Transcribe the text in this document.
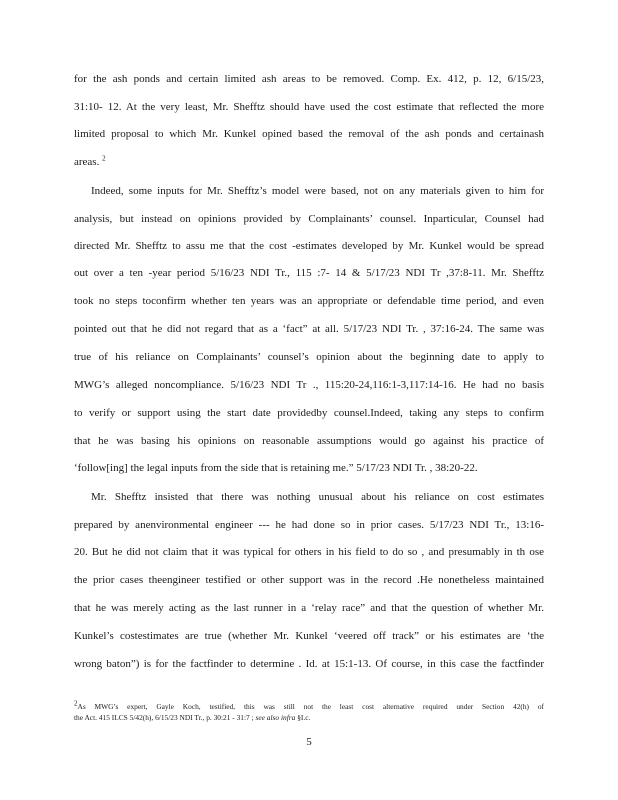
for the ash ponds and certain limited ash areas to be removed. Comp. Ex. 412, p. 12, 6/15/23,
31:10- 12. At the very least, Mr. Shefftz should have used the cost estimate that reflected the more
limited proposal to which Mr. Kunkel opined based the removal of the ash ponds and certainash
areas. $^2$
Indeed, some inputs for Mr. Shefftz’s model were based, not on any materials given to him for
analysis, but instead on opinions provided by Complainants’ counsel. Inparticular, Counsel had
directed Mr. Shefftz to assu me that the cost -estimates developed by Mr. Kunkel would be spread
out over a ten -year period 5/16/23 NDI Tr., 115 :7- 14 & 5/17/23 NDI Tr ,37:8-11. Mr. Shefftz
took no steps toconfirm whether ten years was an appropriate or defendable time period, and even
pointed out that he did not regard that as a ‘fact” at all. 5/17/23 NDI Tr. , 37:16-24. The same was
true of his reliance on Complainants’ counsel’s opinion about the beginning date to apply to
MWG’s alleged noncompliance. 5/16/23 NDI Tr ., 115:20-24,116:1-3,117:14-16. He had no basis
to verify or support using the start date providedby counsel.Indeed, taking any steps to confirm
that he was basing his opinions on reasonable assumptions would go against his practice of
‘follow[ing] the legal inputs from the side that is retaining me.” 5/17/23 NDI Tr. , 38:20-22.
Mr. Shefftz insisted that there was nothing unusual about his reliance on cost estimates
prepared by anenvironmental engineer --- he had done so in prior cases. 5/17/23 NDI Tr., 13:16-
20. But he did not claim that it was typical for others in his field to do so , and presumably in th ose
the prior cases theengineer testified or other support was in the record .He nonetheless maintained
that he was merely acting as the last runner in a ‘relay race” and that the question of whether Mr.
Kunkel’s costestimates are true (whether Mr. Kunkel ‘veered off track” or his estimates are ‘the
wrong baton”) is for the factfinder to determine . Id. at 15:1-13. Of course, in this case the factfinder
2As MWG’s expert, Gayle Koch, testified, this was still not the least cost alternative required under Section 42(h) of
the Act. 415 ILCS 5/42(h), 6/15/23 NDI Tr., p. 30:21 - 31:7 ; see also infra §I.c.
5
